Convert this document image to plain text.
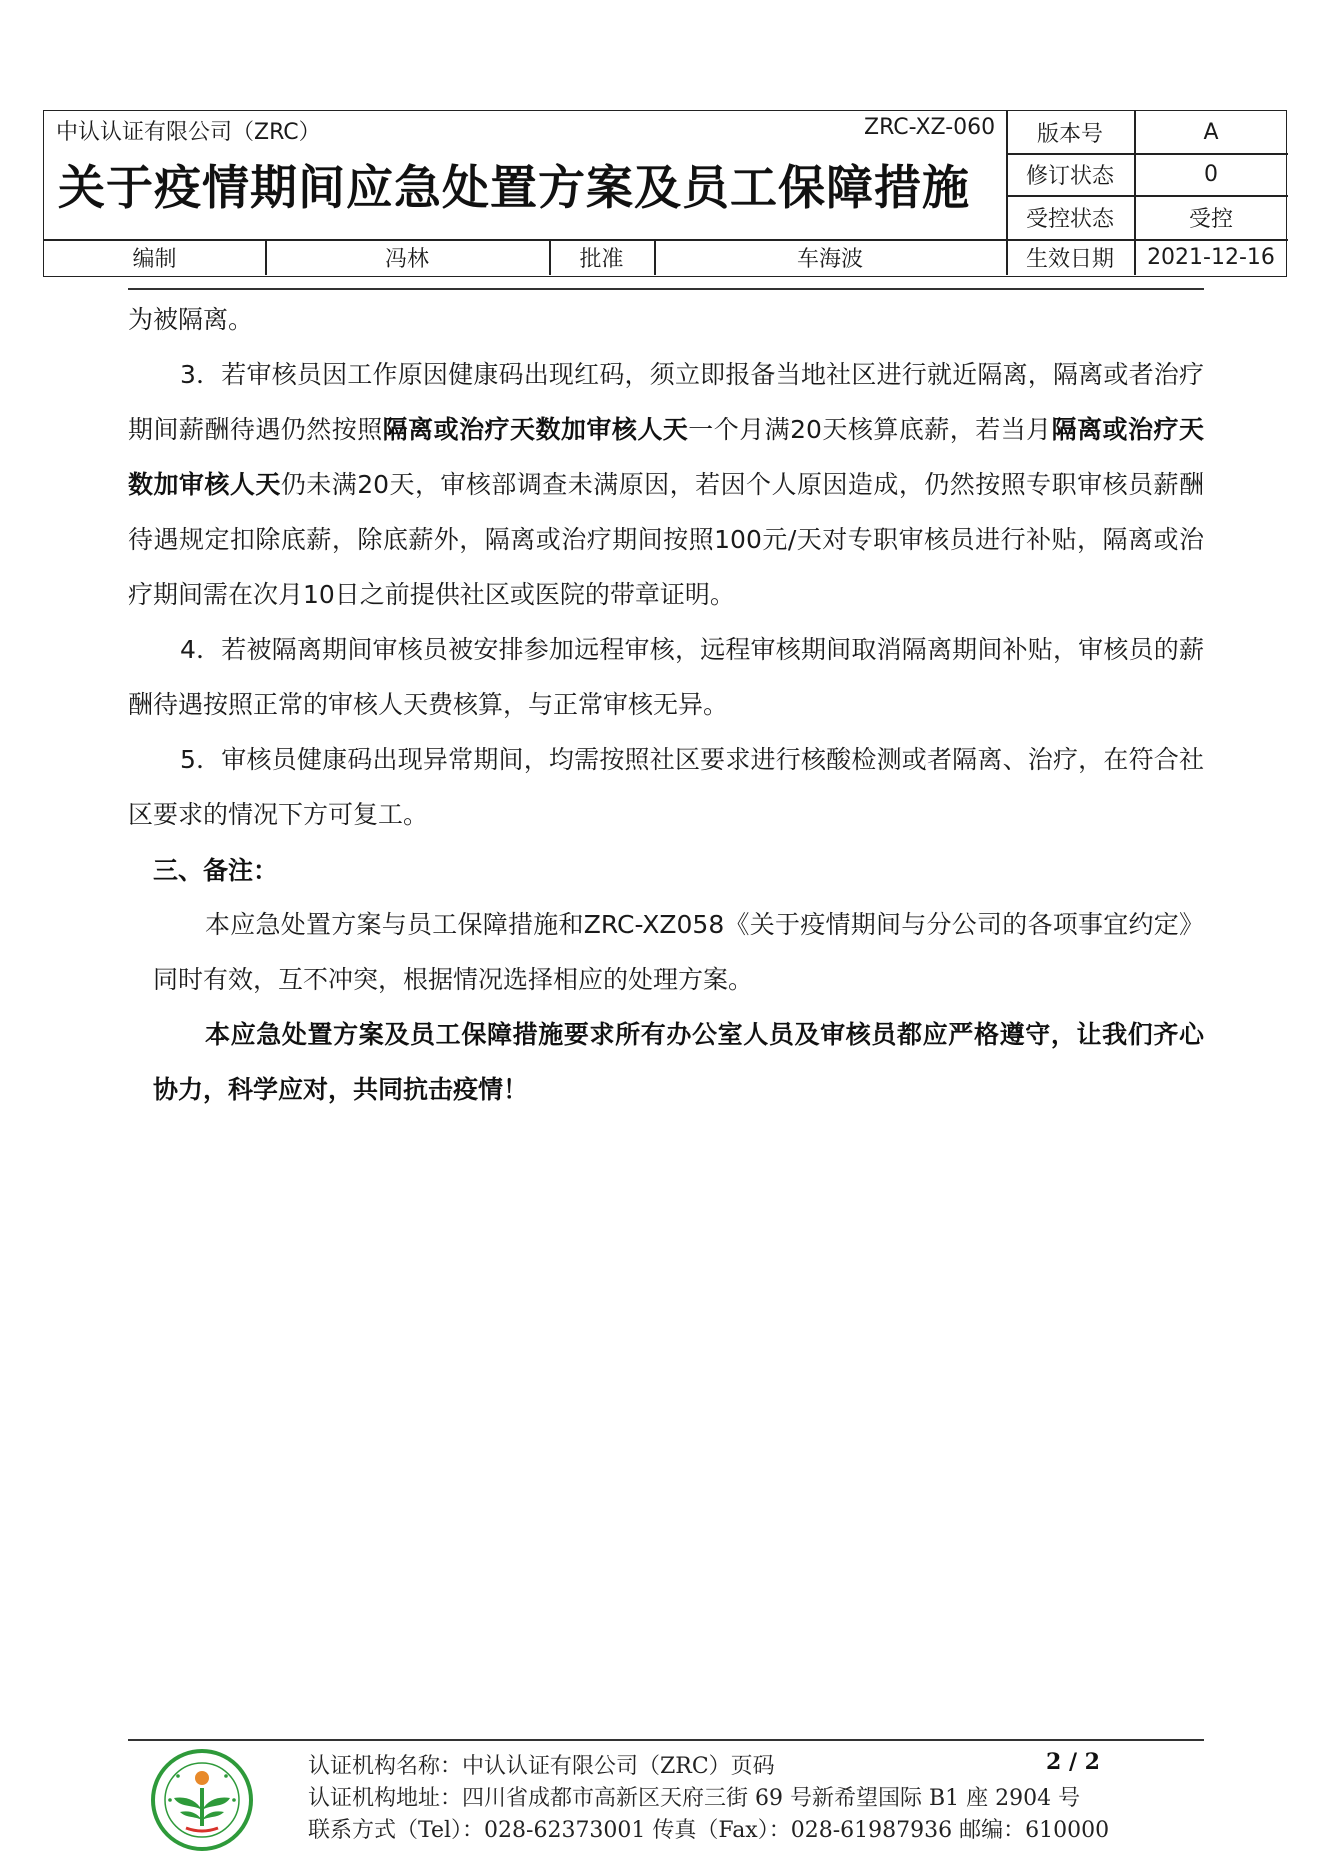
中认认证有限公司（ZRC）	ZRC-XZ-060
关于疫情期间应急处置方案及员工保障措施
版本号	A
修订状态	0
受控状态	受控
编制	冯林	批准	车海波	生效日期	2021-12-16

为被隔离。

3．若审核员因工作原因健康码出现红码，须立即报备当地社区进行就近隔离，隔离或者治疗期间薪酬待遇仍然按照隔离或治疗天数加审核人天一个月满20天核算底薪，若当月隔离或治疗天数加审核人天仍未满20天，审核部调查未满原因，若因个人原因造成，仍然按照专职审核员薪酬待遇规定扣除底薪，除底薪外，隔离或治疗期间按照100元/天对专职审核员进行补贴，隔离或治疗期间需在次月10日之前提供社区或医院的带章证明。

4．若被隔离期间审核员被安排参加远程审核，远程审核期间取消隔离期间补贴，审核员的薪酬待遇按照正常的审核人天费核算，与正常审核无异。

5．审核员健康码出现异常期间，均需按照社区要求进行核酸检测或者隔离、治疗，在符合社区要求的情况下方可复工。

三、备注：

本应急处置方案与员工保障措施和ZRC-XZ058《关于疫情期间与分公司的各项事宜约定》同时有效，互不冲突，根据情况选择相应的处理方案。

本应急处置方案及员工保障措施要求所有办公室人员及审核员都应严格遵守，让我们齐心协力，科学应对，共同抗击疫情！

认证机构名称：中认认证有限公司（ZRC）页码	2 / 2
认证机构地址：四川省成都市高新区天府三街 69 号新希望国际 B1 座 2904 号
联系方式（Tel）：028-62373001 传真（Fax）：028-61987936 邮编：610000
